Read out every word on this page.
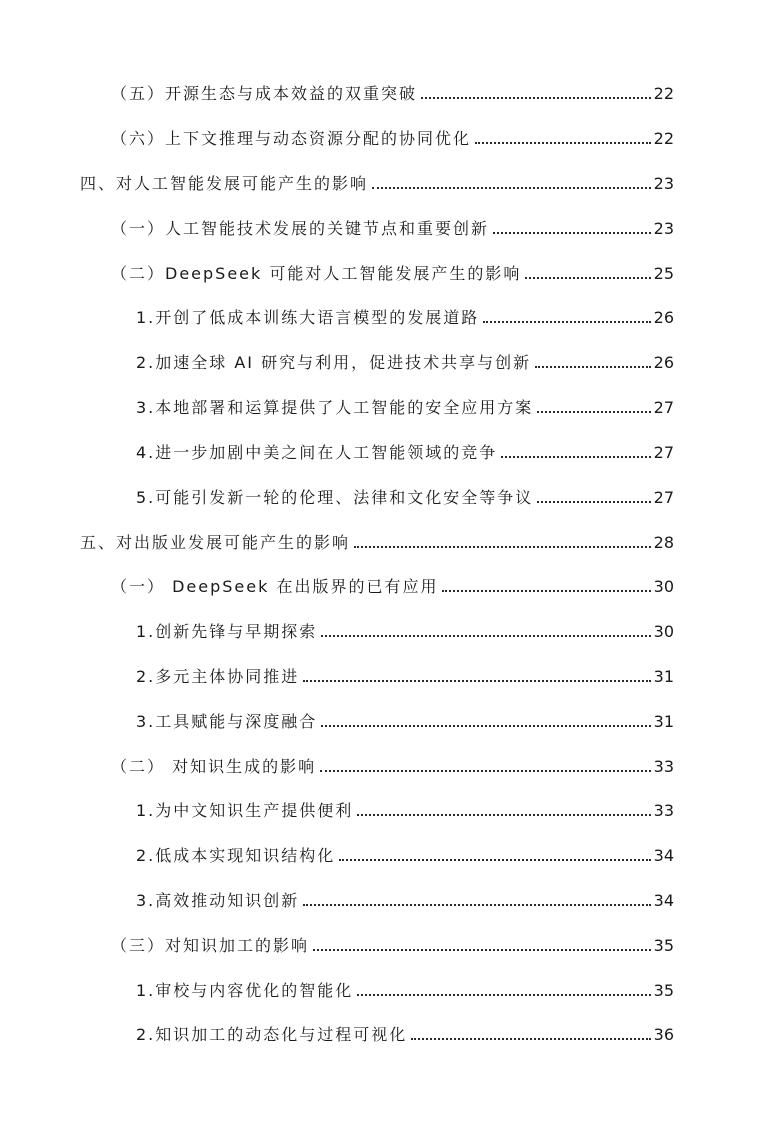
（五）开源生态与成本效益的双重突破	22
（六）上下文推理与动态资源分配的协同优化	22
四、对人工智能发展可能产生的影响	23
（一）人工智能技术发展的关键节点和重要创新	23
（二）DeepSeek 可能对人工智能发展产生的影响	25
1.开创了低成本训练大语言模型的发展道路	26
2.加速全球 AI 研究与利用，促进技术共享与创新	26
3.本地部署和运算提供了人工智能的安全应用方案	27
4.进一步加剧中美之间在人工智能领域的竞争	27
5.可能引发新一轮的伦理、法律和文化安全等争议	27
五、对出版业发展可能产生的影响	28
（一） DeepSeek 在出版界的已有应用	30
1.创新先锋与早期探索	30
2.多元主体协同推进	31
3.工具赋能与深度融合	31
（二） 对知识生成的影响	33
1.为中文知识生产提供便利	33
2.低成本实现知识结构化	34
3.高效推动知识创新	34
（三）对知识加工的影响	35
1.审校与内容优化的智能化	35
2.知识加工的动态化与过程可视化	36
